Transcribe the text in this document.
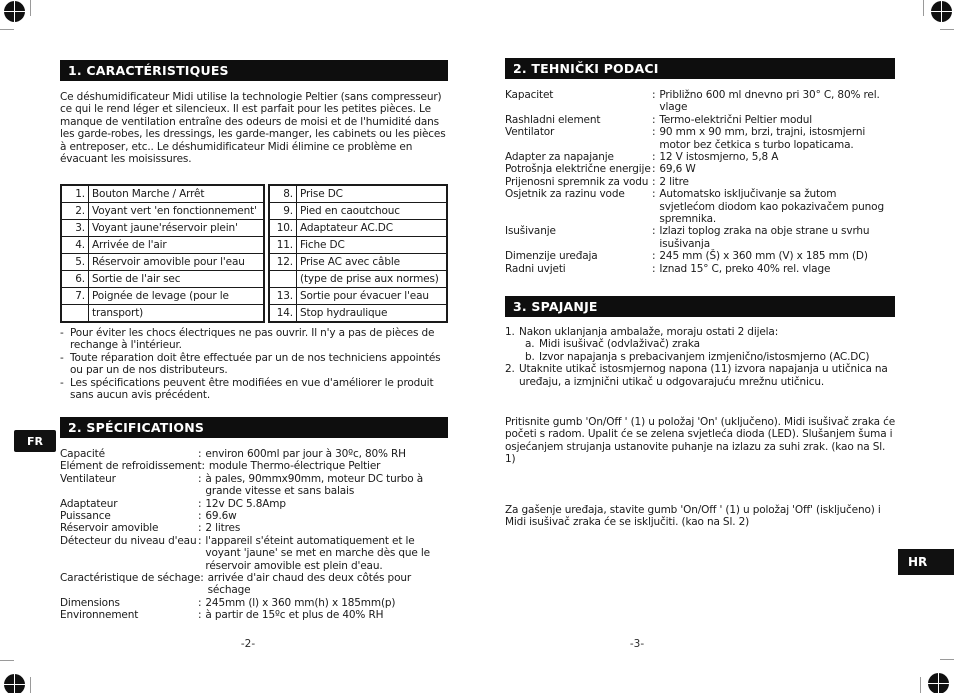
FR
HR
1. CARACTÉRISTIQUES
Ce déshumidificateur Midi utilise la technologie Peltier (sans compresseur) ce qui le rend léger et silencieux. Il est parfait pour les petites pièces. Le manque de ventilation entraîne des odeurs de moisi et de l'humidité dans les garde-robes, les dressings, les garde-manger, les cabinets ou les pièces à entreposer, etc.. Le déshumidificateur Midi élimine ce problème en évacuant les moisissures.
1.	Bouton Marche / Arrêt
2.	Voyant vert 'en fonctionnement'
3.	Voyant jaune'réservoir plein'
4.	Arrivée de l'air
5.	Réservoir amovible pour l'eau
6.	Sortie de l'air sec
7.	Poignée de levage (pour le
	transport)
8.	Prise DC
9.	Pied en caoutchouc
10.	Adaptateur AC.DC
11.	Fiche DC
12.	Prise AC avec câble
	(type de prise aux normes)
13.	Sortie pour évacuer l'eau
14.	Stop hydraulique
- Pour éviter les chocs électriques ne pas ouvrir. Il n'y a pas de pièces de rechange à l'intérieur.
- Toute réparation doit être effectuée par un de nos techniciens appointés ou par un de nos distributeurs.
- Les spécifications peuvent être modifiées en vue d'améliorer le produit sans aucun avis précédent.
2. SPÉCIFICATIONS
Capacité	: environ 600ml par jour à 30ºc, 80% RH
Elément de refroidissement : module Thermo-électrique Peltier
Ventilateur	: à pales, 90mmx90mm, moteur DC turbo à grande vitesse et sans balais
Adaptateur	: 12v DC 5.8Amp
Puissance	: 69.6w
Réservoir amovible	: 2 litres
Détecteur du niveau d'eau : l'appareil s'éteint automatiquement et le voyant 'jaune' se met en marche dès que le réservoir amovible est plein d'eau.
Caractéristique de séchage : arrivée d'air chaud des deux côtés pour séchage
Dimensions	: 245mm (l) x 360 mm(h) x 185mm(p)
Environnement	: à partir de 15ºc et plus de 40% RH
2. TEHNIČKI PODACI
Kapacitet	: Približno 600 ml dnevno pri 30° C, 80% rel. vlage
Rashladni element	: Termo-električni Peltier modul
Ventilator	: 90 mm x 90 mm, brzi, trajni, istosmjerni motor bez četkica s turbo lopaticama.
Adapter za napajanje	: 12 V istosmjerno, 5,8 A
Potrošnja električne energije : 69,6 W
Prijenosni spremnik za vodu : 2 litre
Osjetnik za razinu vode	: Automatsko isključivanje sa žutom svjetlećom diodom kao pokazivačem punog spremnika.
Isušivanje	: Izlazi toplog zraka na obje strane u svrhu isušivanja
Dimenzije uređaja	: 245 mm (Š) x 360 mm (V) x 185 mm (D)
Radni uvjeti	: Iznad 15° C, preko 40% rel. vlage
3. SPAJANJE
1. Nakon uklanjanja ambalaže, moraju ostati 2 dijela:
a. Midi isušivač (odvlaživač) zraka
b. Izvor napajanja s prebacivanjem izmjenično/istosmjerno (AC.DC)
2. Utaknite utikač istosmjernog napona (11) izvora napajanja u utičnica na uređaju, a izmjnični utikač u odgovarajuću mrežnu utičnicu.
Pritisnite gumb 'On/Off ' (1) u položaj 'On' (uključeno). Midi isušivač zraka će početi s radom. Upalit će se zelena svjetleća dioda (LED). Slušanjem šuma i osjećanjem strujanja ustanovite puhanje na izlazu za suhi zrak. (kao na Sl. 1)
Za gašenje uređaja, stavite gumb 'On/Off ' (1) u položaj 'Off' (isključeno) i Midi isušivač zraka će se isključiti. (kao na Sl. 2)
-2-	-3-
